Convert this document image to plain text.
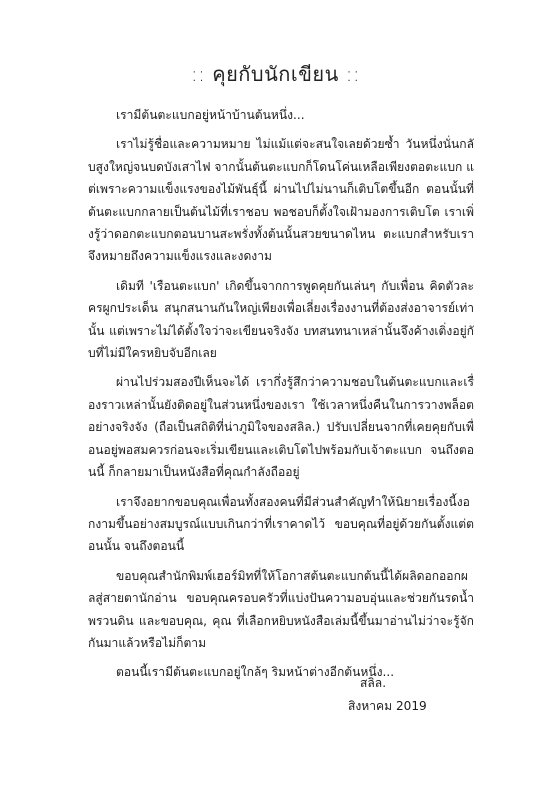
:: คุยกับนักเขียน ::

เรามีต้นตะแบกอยู่หน้าบ้านต้นหนึ่ง...

เราไม่รู้ชื่อและความหมาย ไม่แม้แต่จะสนใจเลยด้วยซ้ำ วันหนึ่งนั่นกลับสูงใหญ่จนบดบังเสาไฟ จากนั้นต้นตะแบกก็โดนโค่นเหลือเพียงตอตะแบก แต่เพราะความแข็งแรงของไม้พันธุ์นี้ ผ่านไปไม่นานก็เติบโตขึ้นอีก ตอนนั้นที่ต้นตะแบกกลายเป็นต้นไม้ที่เราชอบ พอชอบก็ตั้งใจเฝ้ามองการเติบโต เราเพิ่งรู้ว่าดอกตะแบกตอนบานสะพรั่งทั้งต้นนั้นสวยขนาดไหน ตะแบกสำหรับเราจึงหมายถึงความแข็งแรงและงดงาม

เดิมที 'เรือนตะแบก' เกิดขึ้นจากการพูดคุยกันเล่นๆ กับเพื่อน คิดตัวละครผูกประเด็น สนุกสนานกันใหญ่เพียงเพื่อเลี่ยงเรื่องงานที่ต้องส่งอาจารย์เท่านั้น แต่เพราะไม่ได้ตั้งใจว่าจะเขียนจริงจัง บทสนทนาเหล่านั้นจึงค้างเติ่งอยู่กับที่ไม่มีใครหยิบจับอีกเลย

ผ่านไปร่วมสองปีเห็นจะได้ เรากึ่งรู้สึกว่าความชอบในต้นตะแบกและเรื่องราวเหล่านั้นยังติดอยู่ในส่วนหนึ่งของเรา ใช้เวลาหนึ่งคืนในการวางพล็อตอย่างจริงจัง (ถือเป็นสถิติที่น่าภูมิใจของสลิล.) ปรับเปลี่ยนจากที่เคยคุยกับเพื่อนอยู่พอสมควรก่อนจะเริ่มเขียนและเติบโตไปพร้อมกับเจ้าตะแบก จนถึงตอนนี้ ก็กลายมาเป็นหนังสือที่คุณกำลังถืออยู่

เราจึงอยากขอบคุณเพื่อนทั้งสองคนที่มีส่วนสำคัญทำให้นิยายเรื่องนี้งอกงามขึ้นอย่างสมบูรณ์แบบเกินกว่าที่เราคาดไว้ ขอบคุณที่อยู่ด้วยกันตั้งแต่ตอนนั้น จนถึงตอนนี้

ขอบคุณสำนักพิมพ์เฮอร์มิทที่ให้โอกาสต้นตะแบกต้นนี้ได้ผลิดอกออกผลสู่สายตานักอ่าน ขอบคุณครอบครัวที่แบ่งปันความอบอุ่นและช่วยกันรดน้ำพรวนดิน และขอบคุณ, คุณ ที่เลือกหยิบหนังสือเล่มนี้ขึ้นมาอ่านไม่ว่าจะรู้จักกันมาแล้วหรือไม่ก็ตาม

ตอนนี้เรามีต้นตะแบกอยู่ใกล้ๆ ริมหน้าต่างอีกต้นหนึ่ง...

สลิล.
สิงหาคม 2019
